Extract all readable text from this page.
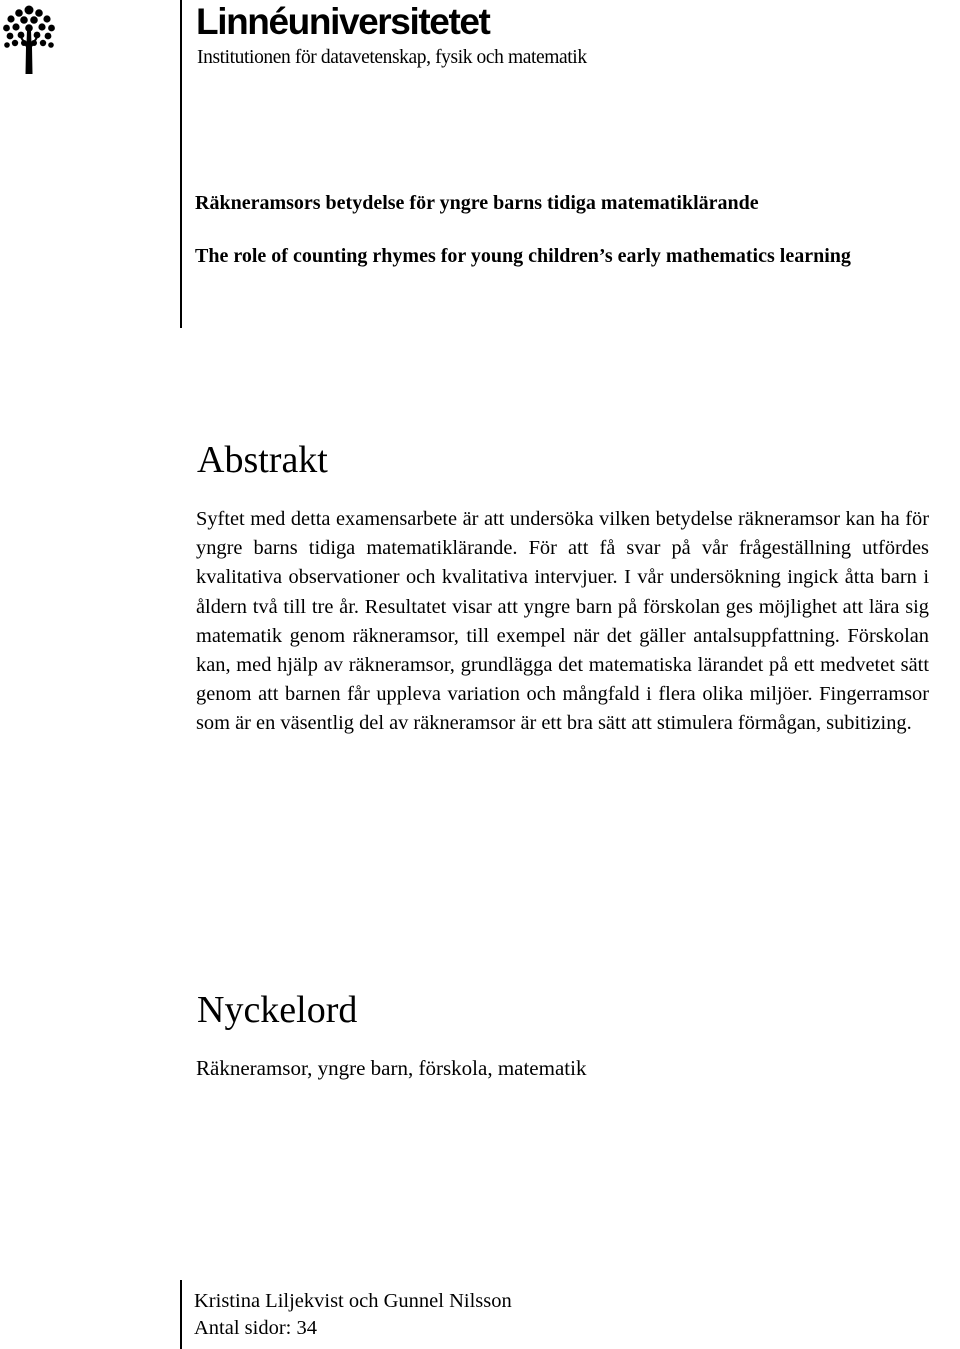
Linnéuniversitetet
Institutionen för datavetenskap, fysik och matematik
Räkneramsors betydelse för yngre barns tidiga matematiklärande
The role of counting rhymes for young children’s early mathematics learning
Abstrakt
Syftet med detta examensarbete är att undersöka vilken betydelse räkneramsor kan ha för yngre barns tidiga matematiklärande. För att få svar på vår frågeställning utfördes kvalitativa observationer och kvalitativa intervjuer. I vår undersökning ingick åtta barn i åldern två till tre år. Resultatet visar att yngre barn på förskolan ges möjlighet att lära sig matematik genom räkneramsor, till exempel när det gäller antalsuppfattning. Förskolan kan, med hjälp av räkneramsor, grundlägga det matematiska lärandet på ett medvetet sätt genom att barnen får uppleva variation och mångfald i flera olika miljöer. Fingerramsor som är en väsentlig del av räkneramsor är ett bra sätt att stimulera förmågan, subitizing.
Nyckelord
Räkneramsor, yngre barn, förskola, matematik
Kristina Liljekvist och Gunnel Nilsson
Antal sidor: 34
